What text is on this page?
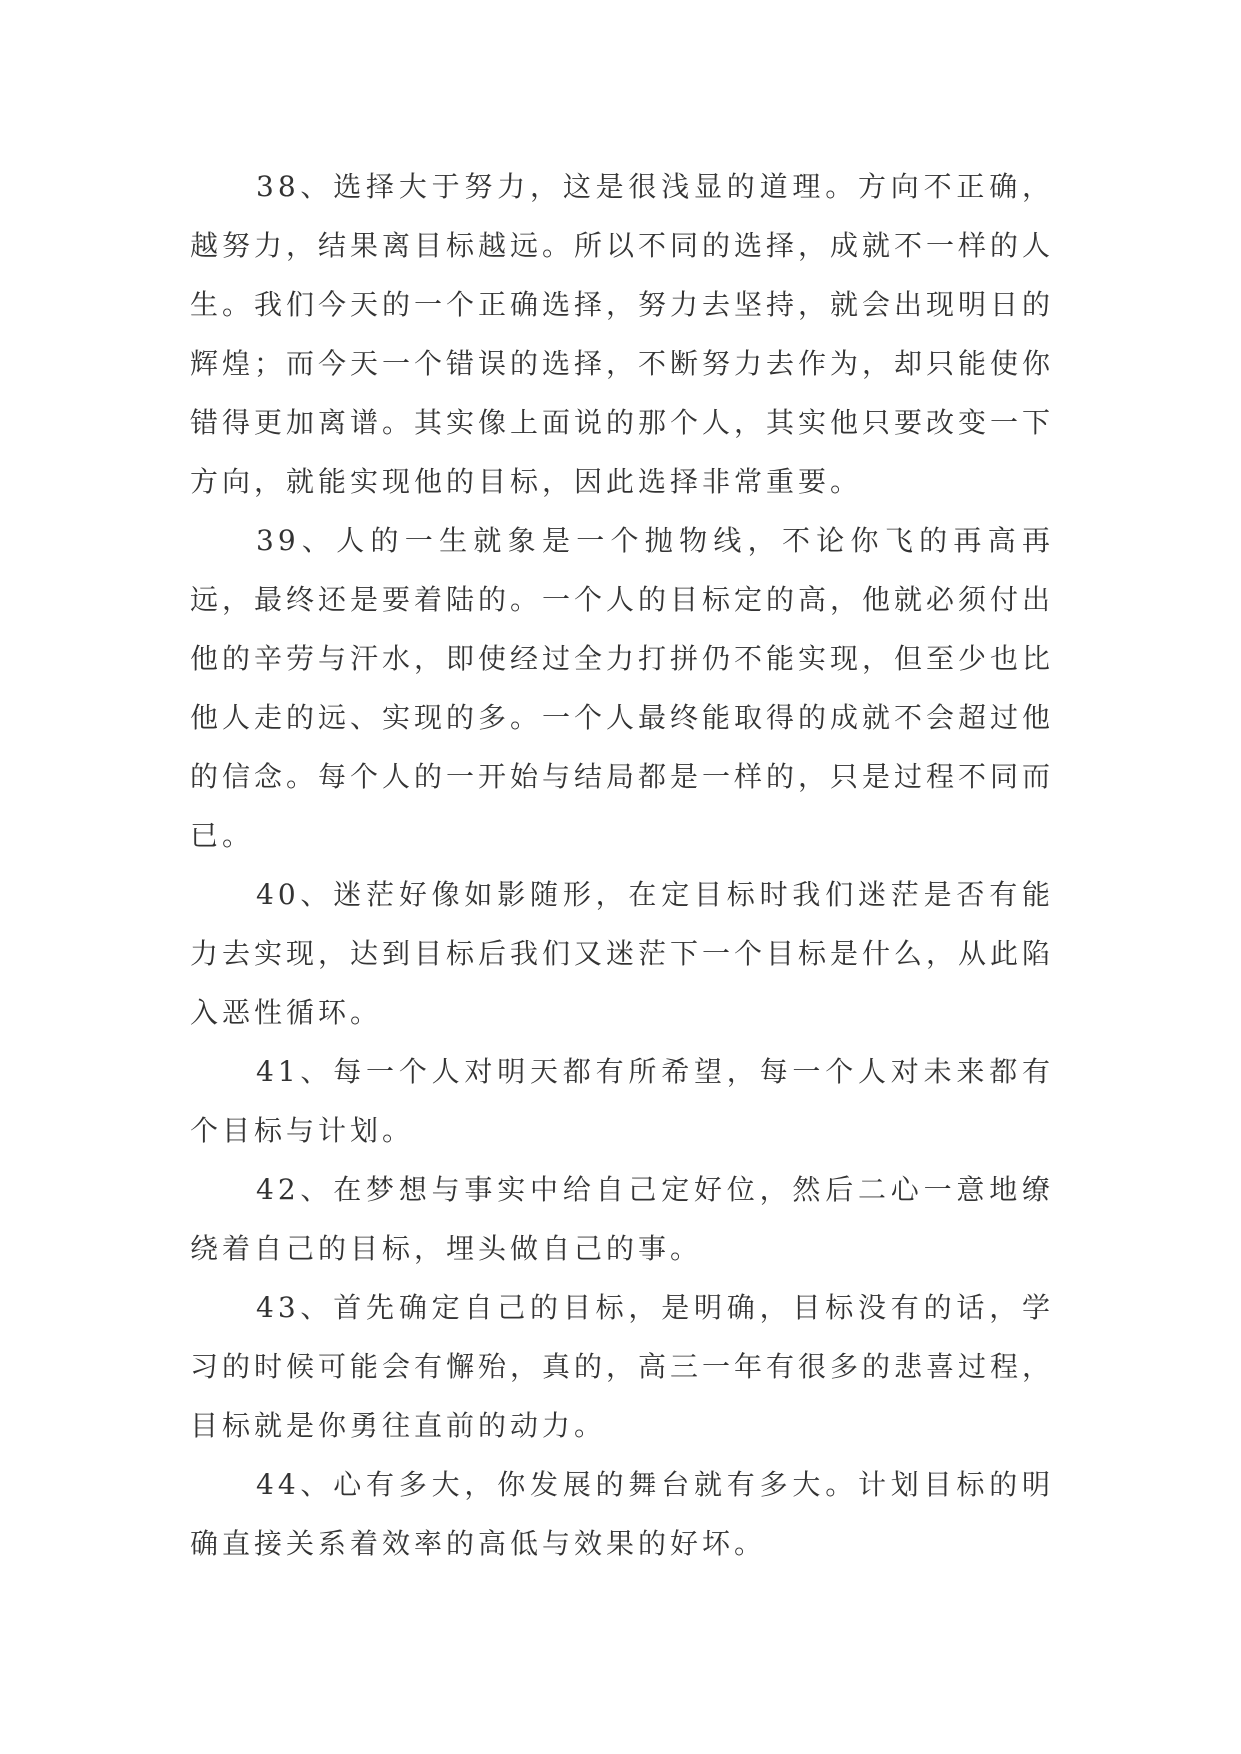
38、选择大于努力，这是很浅显的道理。方向不正确，越努力，结果离目标越远。所以不同的选择，成就不一样的人生。我们今天的一个正确选择，努力去坚持，就会出现明日的辉煌；而今天一个错误的选择，不断努力去作为，却只能使你错得更加离谱。其实像上面说的那个人，其实他只要改变一下方向，就能实现他的目标，因此选择非常重要。

39、人的一生就象是一个抛物线，不论你飞的再高再远，最终还是要着陆的。一个人的目标定的高，他就必须付出他的辛劳与汗水，即使经过全力打拼仍不能实现，但至少也比他人走的远、实现的多。一个人最终能取得的成就不会超过他的信念。每个人的一开始与结局都是一样的，只是过程不同而已。

40、迷茫好像如影随形，在定目标时我们迷茫是否有能力去实现，达到目标后我们又迷茫下一个目标是什么，从此陷入恶性循环。

41、每一个人对明天都有所希望，每一个人对未来都有个目标与计划。

42、在梦想与事实中给自己定好位，然后二心一意地缭绕着自己的目标，埋头做自己的事。

43、首先确定自己的目标，是明确，目标没有的话，学习的时候可能会有懈殆，真的，高三一年有很多的悲喜过程，目标就是你勇往直前的动力。

44、心有多大，你发展的舞台就有多大。计划目标的明确直接关系着效率的高低与效果的好坏。
